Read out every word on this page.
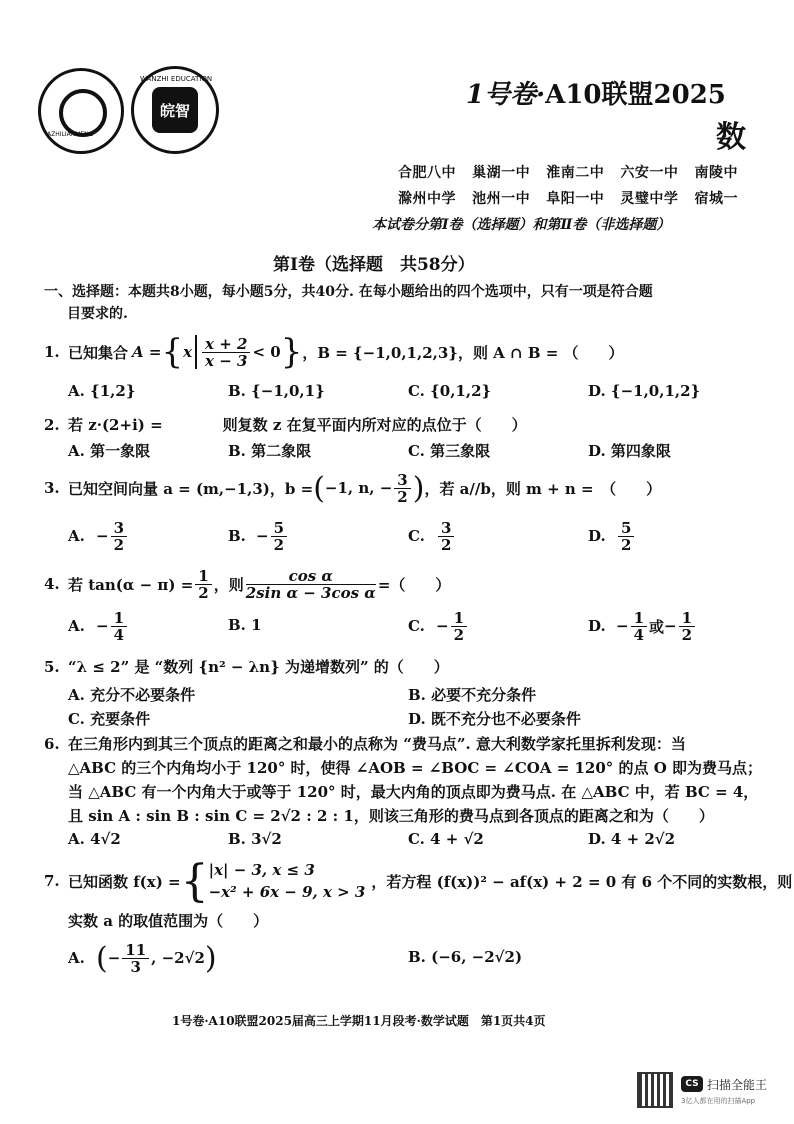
AZHILIANMENG
WANZHI EDUCATION
皖智
1号卷·A10联盟2025
数
合肥八中 巢湖一中 淮南二中 六安一中 南陵中
滁州中学 池州一中 阜阳一中 灵璧中学 宿城一
本试卷分第Ⅰ卷（选择题）和第Ⅱ卷（非选择题）
第Ⅰ卷（选择题　共58分）
一、选择题：本题共8小题，每小题5分，共40分. 在每小题给出的四个选项中，只有一项是符合题
目要求的.
1. 已知集合 A = { x $\frac{x + 2}{x - 3} < 0$ } ，B = {−1,0,1,2,3}，则 A ∩ B = （　　）
A. {1,2}	B. {−1,0,1}	C. {0,1,2}	D. {−1,0,1,2}
2. 若 z·(2+i) =	则复数 z 在复平面内所对应的点位于（　　）
A. 第一象限	B. 第二象限	C. 第三象限	D. 第四象限
3. 已知空间向量 a = (m,−1,3)，b = ( −1, n, − $\frac{3}{2}$ ) ，若 a//b，则 m + n =　（　　）
A. − $\frac{3}{2}$	B. − $\frac{5}{2}$	C. $\frac{3}{2}$	D. $\frac{5}{2}$
4. 若 $\tan(\alpha - \pi) = \frac{1}{2}$ ，则 $\frac{\text{cos α}}{\text{2sin α − 3cos α}}$ =（　　）
A. − $\frac{1}{4}$	B. 1	C. − $\frac{1}{2}$	D. − $\frac{1}{4}$ 或 − $\frac{1}{2}$
5. “λ ≤ 2” 是 “数列 {n² − λn} 为递增数列” 的（　　）
A. 充分不必要条件	B. 必要不充分条件
C. 充要条件	D. 既不充分也不必要条件
6. 在三角形内到其三个顶点的距离之和最小的点称为 “费马点”. 意大利数学家托里拆利发现：当
△ABC 的三个内角均小于 120° 时，使得 ∠AOB = ∠BOC = ∠COA = 120° 的点 O 即为费马点；
当 △ABC 有一个内角大于或等于 120° 时，最大内角的顶点即为费马点. 在 △ABC 中，若 BC = 4，
且 sin A : sin B : sin C = 2√2 : 2 : 1，则该三角形的费马点到各顶点的距离之和为（　　）
A. 4√2	B. 3√2	C. 4 + √2	D. 4 + 2√2
7. 已知函数 f(x) = { |x| − 3, x ≤ 3
−x² + 6x − 9, x > 3
，若方程 (f(x))² − af(x) + 2 = 0 有 6 个不同的实数根，则
实数 a 的取值范围为（　　）
A. ( − $\frac{11}{3}$ , −2√2 )	B. (−6, −2√2)
1号卷·A10联盟2025届高三上学期11月段考·数学试题　第1页共4页
CS 扫描全能王
3亿人都在用的扫描App
